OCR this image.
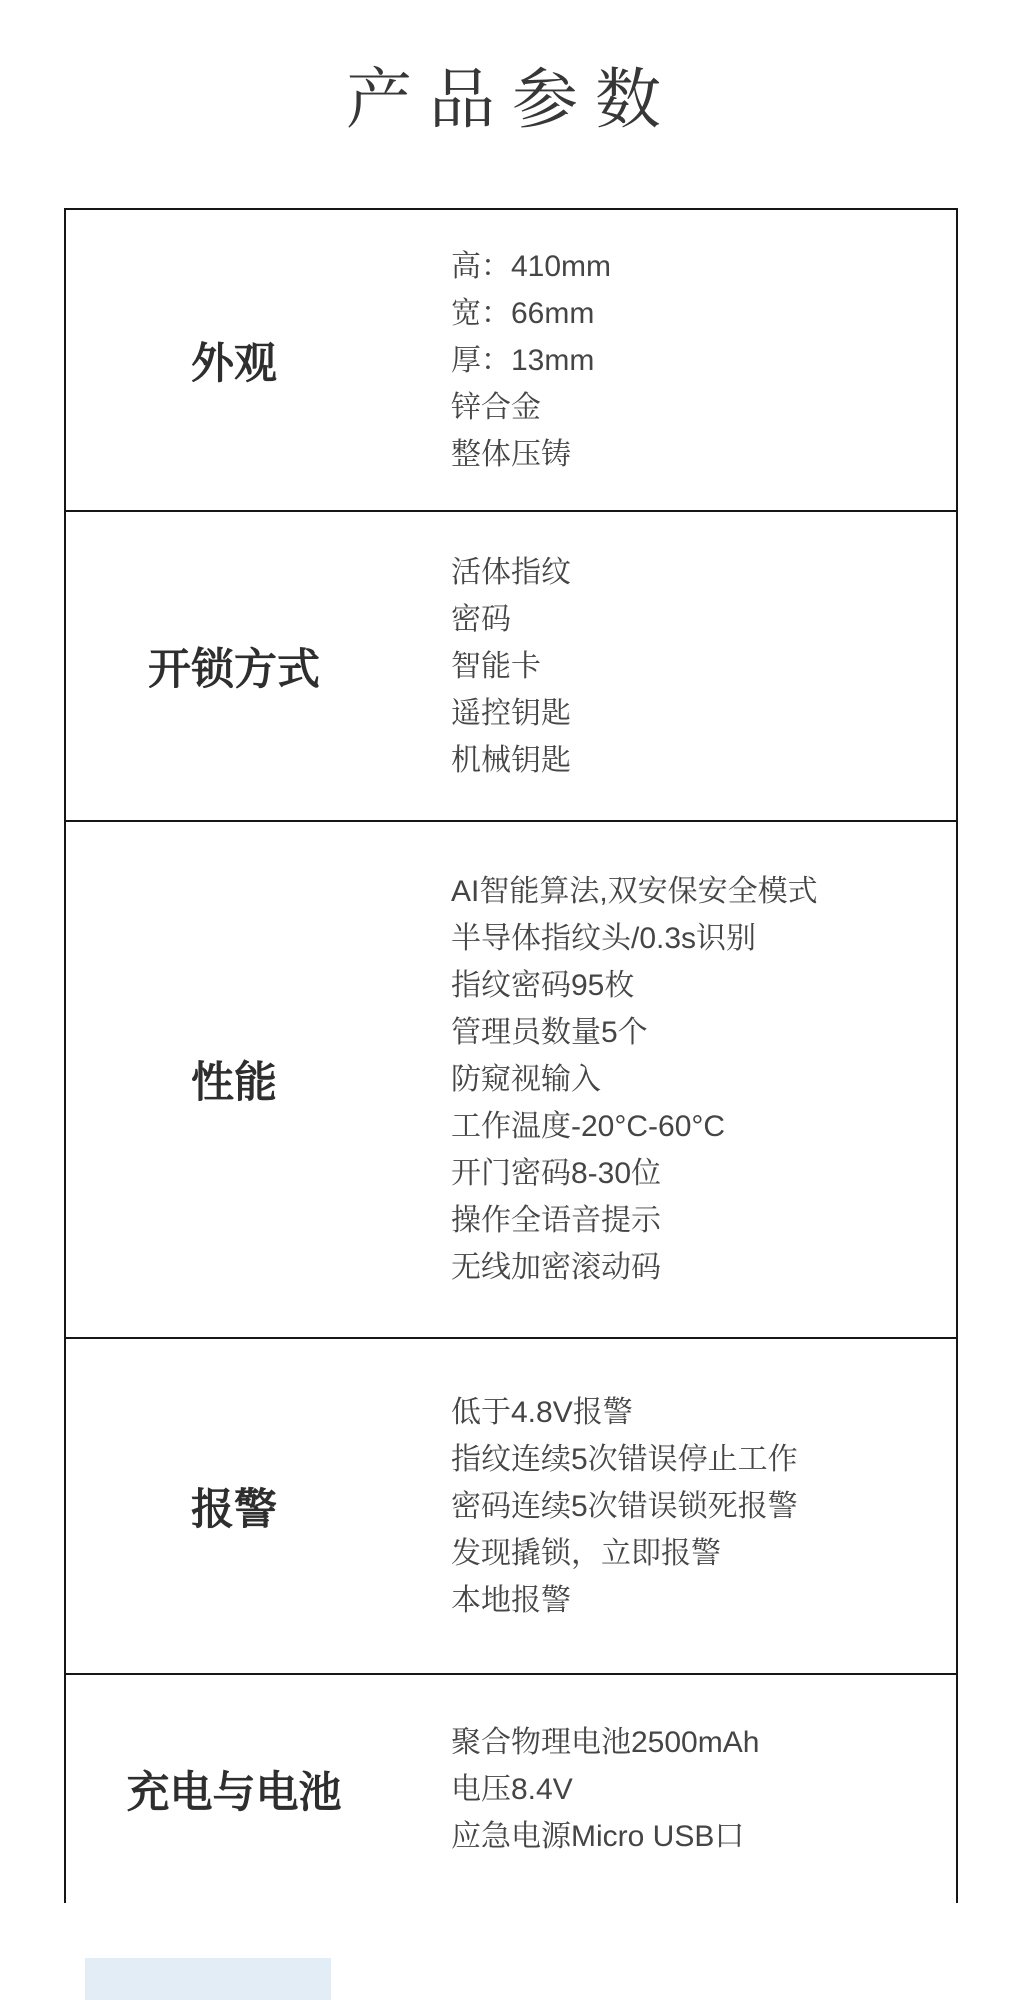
产品参数
外观
高：410mm
宽：66mm
厚：13mm
锌合金
整体压铸
开锁方式
活体指纹
密码
智能卡
遥控钥匙
机械钥匙
性能
AI智能算法,双安保安全模式
半导体指纹头/0.3s识别
指纹密码95枚
管理员数量5个
防窥视输入
工作温度-20°C-60°C
开门密码8-30位
操作全语音提示
无线加密滚动码
报警
低于4.8V报警
指纹连续5次错误停止工作
密码连续5次错误锁死报警
发现撬锁，立即报警
本地报警
充电与电池
聚合物理电池2500mAh
电压8.4V
应急电源Micro USB口
